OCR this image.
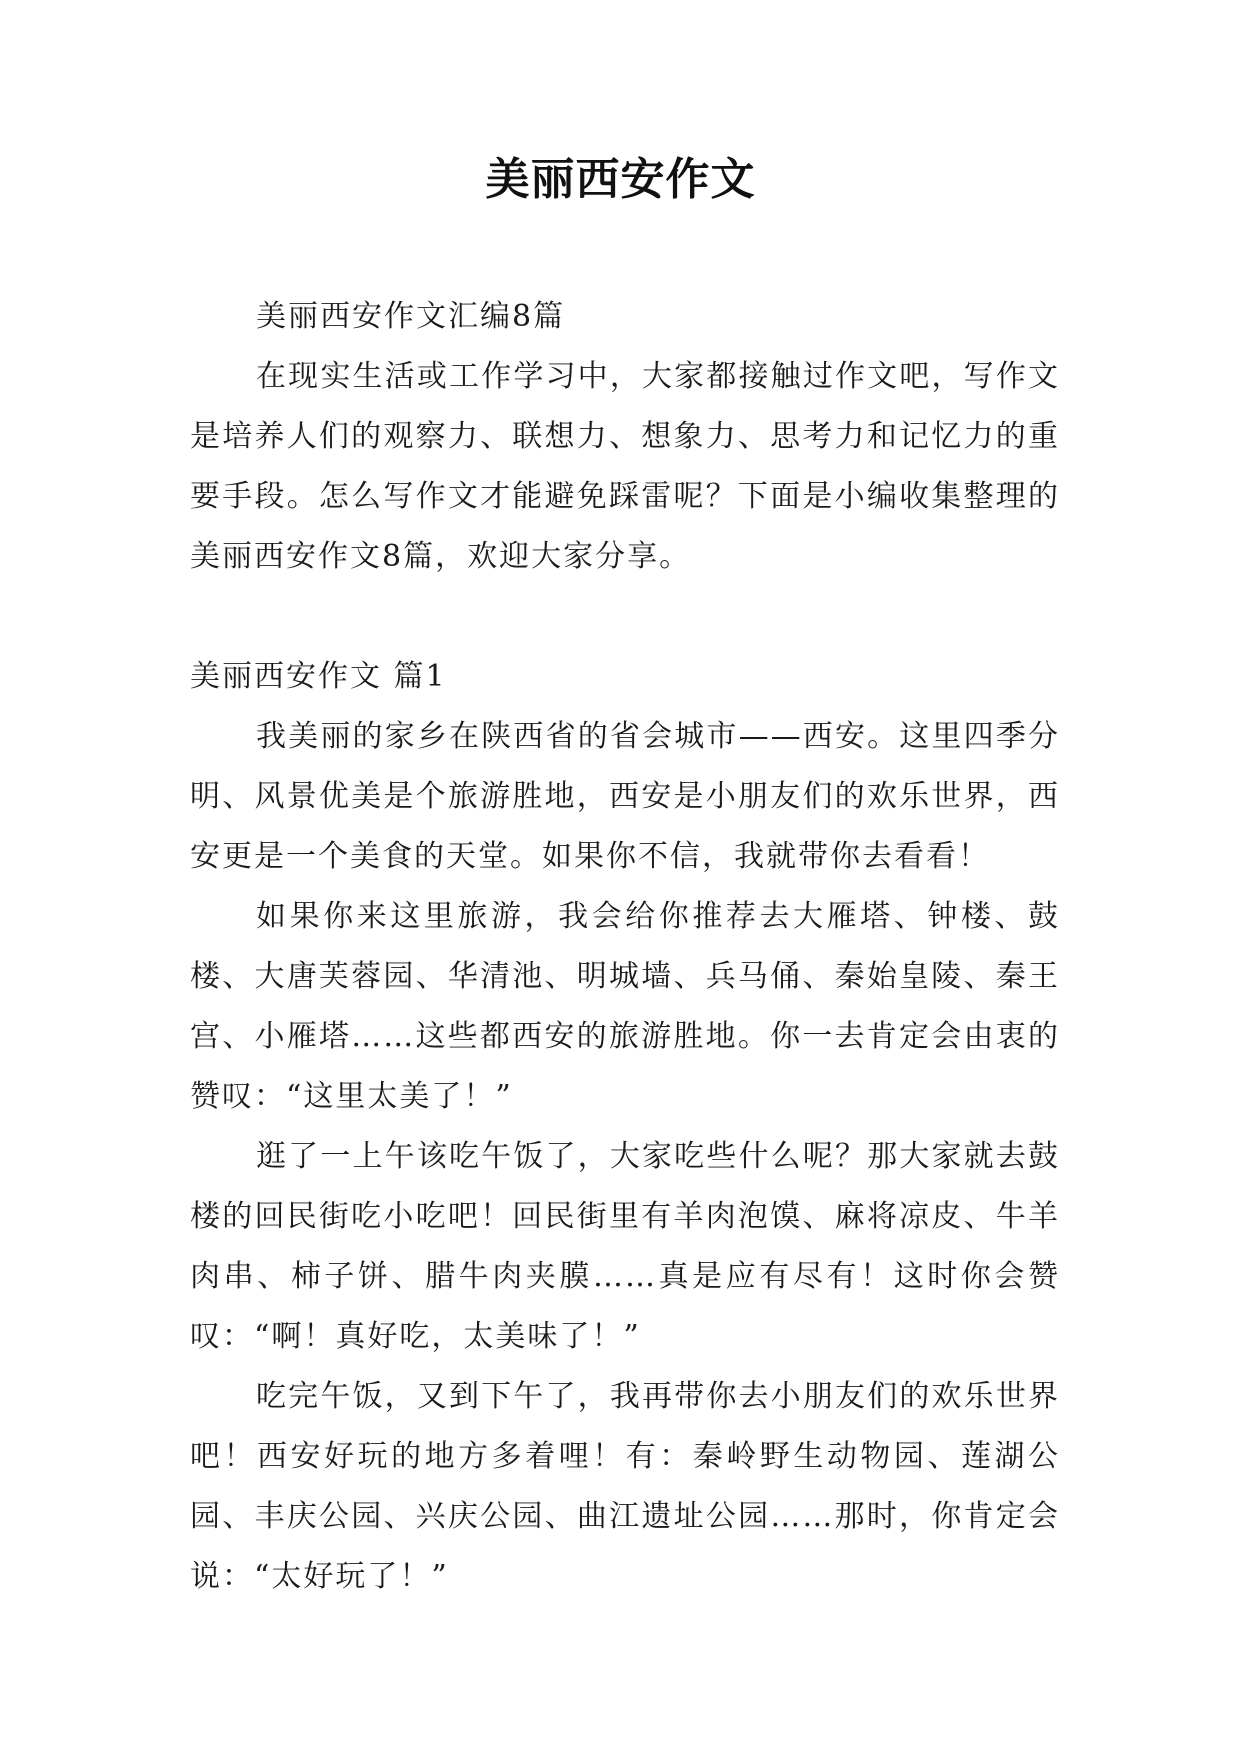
美丽西安作文

美丽西安作文汇编8篇

在现实生活或工作学习中，大家都接触过作文吧，写作文是培养人们的观察力、联想力、想象力、思考力和记忆力的重要手段。怎么写作文才能避免踩雷呢？下面是小编收集整理的美丽西安作文8篇，欢迎大家分享。

美丽西安作文 篇1

我美丽的家乡在陕西省的省会城市——西安。这里四季分明、风景优美是个旅游胜地，西安是小朋友们的欢乐世界，西安更是一个美食的天堂。如果你不信，我就带你去看看！

如果你来这里旅游，我会给你推荐去大雁塔、钟楼、鼓楼、大唐芙蓉园、华清池、明城墙、兵马俑、秦始皇陵、秦王宫、小雁塔……这些都西安的旅游胜地。你一去肯定会由衷的赞叹：“这里太美了！”

逛了一上午该吃午饭了，大家吃些什么呢？那大家就去鼓楼的回民街吃小吃吧！回民街里有羊肉泡馍、麻将凉皮、牛羊肉串、柿子饼、腊牛肉夹膜……真是应有尽有！这时你会赞叹：“啊！真好吃，太美味了！”

吃完午饭，又到下午了，我再带你去小朋友们的欢乐世界吧！西安好玩的地方多着哩！有：秦岭野生动物园、莲湖公园、丰庆公园、兴庆公园、曲江遗址公园……那时，你肯定会说：“太好玩了！”
